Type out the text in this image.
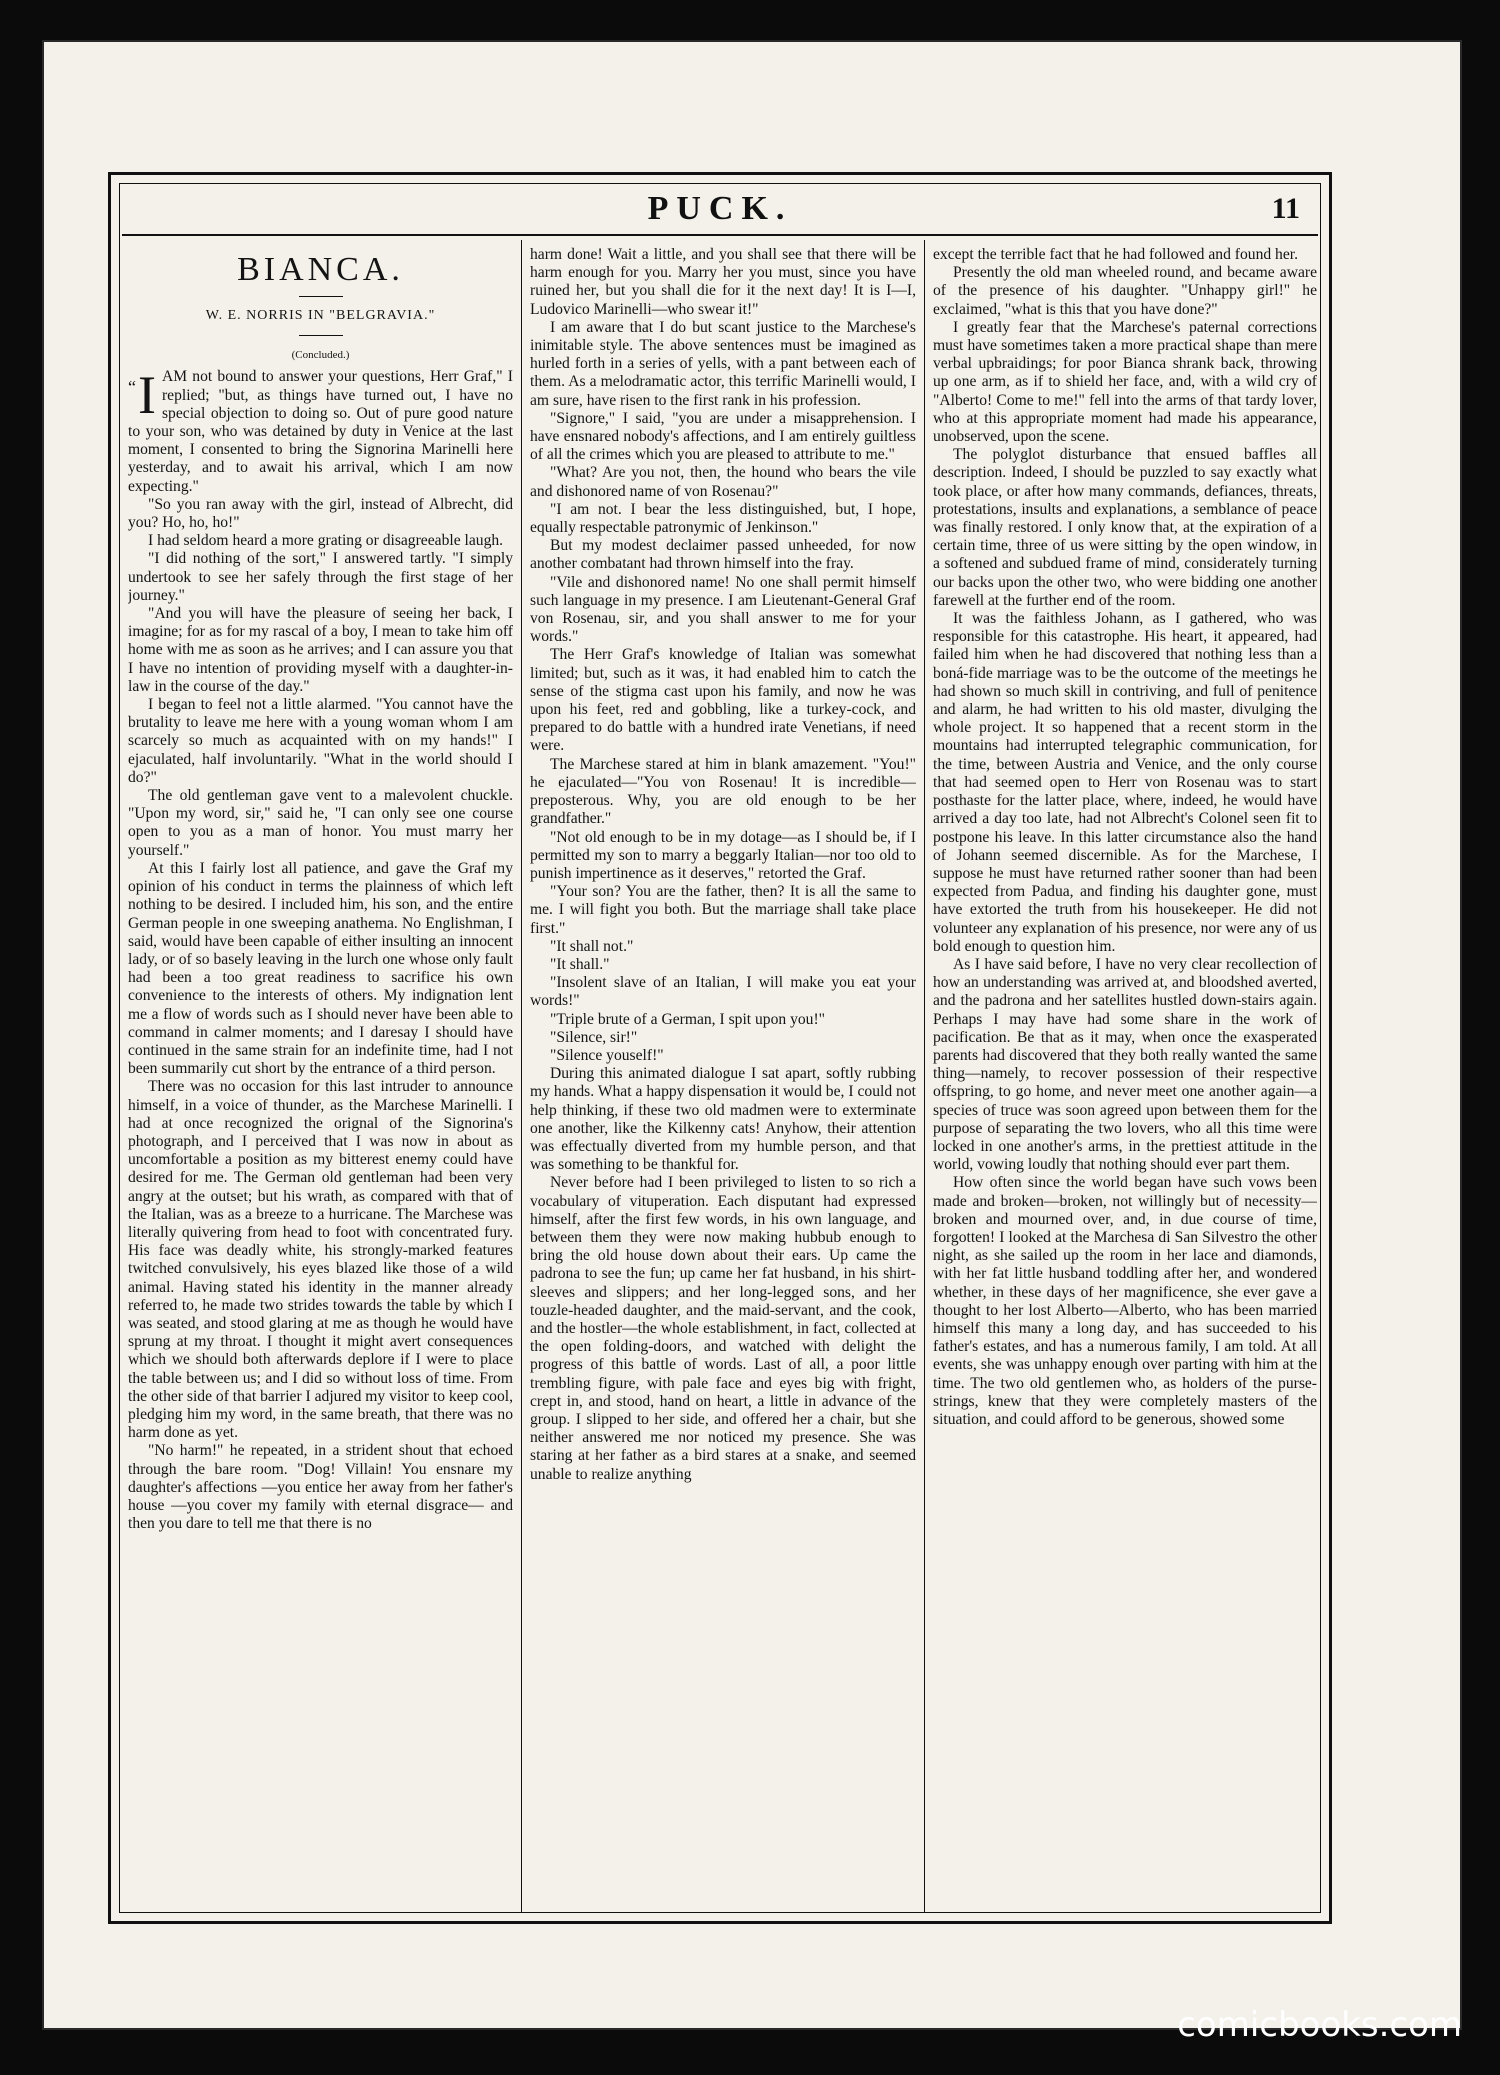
PUCK.	11
BIANCA.
W. E. NORRIS IN "BELGRAVIA."
(Concluded.)
“ I AM not bound to answer your questions, Herr Graf," I replied; "but, as things have turned out, I have no special objection to doing so. Out of pure good nature to your son, who was detained by duty in Venice at the last moment, I consented to bring the Signorina Marinelli here yesterday, and to await his arrival, which I am now expecting."

"So you ran away with the girl, instead of Albrecht, did you? Ho, ho, ho!"

I had seldom heard a more grating or disagreeable laugh.

"I did nothing of the sort," I answered tartly. "I simply undertook to see her safely through the first stage of her journey."

"And you will have the pleasure of seeing her back, I imagine; for as for my rascal of a boy, I mean to take him off home with me as soon as he arrives; and I can assure you that I have no intention of providing myself with a daughter-in-law in the course of the day."

I began to feel not a little alarmed. "You cannot have the brutality to leave me here with a young woman whom I am scarcely so much as acquainted with on my hands!" I ejaculated, half involuntarily. "What in the world should I do?"

The old gentleman gave vent to a malevolent chuckle. "Upon my word, sir," said he, "I can only see one course open to you as a man of honor. You must marry her yourself."

At this I fairly lost all patience, and gave the Graf my opinion of his conduct in terms the plainness of which left nothing to be desired. I included him, his son, and the entire German people in one sweeping anathema. No Englishman, I said, would have been capable of either insulting an innocent lady, or of so basely leaving in the lurch one whose only fault had been a too great readiness to sacrifice his own convenience to the interests of others. My indignation lent me a flow of words such as I should never have been able to command in calmer moments; and I daresay I should have continued in the same strain for an indefinite time, had I not been summarily cut short by the entrance of a third person.

There was no occasion for this last intruder to announce himself, in a voice of thunder, as the Marchese Marinelli. I had at once recognized the orignal of the Signorina's photograph, and I perceived that I was now in about as uncomfortable a position as my bitterest enemy could have desired for me. The German old gentleman had been very angry at the outset; but his wrath, as compared with that of the Italian, was as a breeze to a hurricane. The Marchese was literally quivering from head to foot with concentrated fury. His face was deadly white, his strongly-marked features twitched convulsively, his eyes blazed like those of a wild animal. Having stated his identity in the manner already referred to, he made two strides towards the table by which I was seated, and stood glaring at me as though he would have sprung at my throat. I thought it might avert consequences which we should both afterwards deplore if I were to place the table between us; and I did so without loss of time. From the other side of that barrier I adjured my visitor to keep cool, pledging him my word, in the same breath, that there was no harm done as yet.

"No harm!" he repeated, in a strident shout that echoed through the bare room. "Dog! Villain! You ensnare my daughter's affections —you entice her away from her father's house —you cover my family with eternal disgrace— and then you dare to tell me that there is no

harm done! Wait a little, and you shall see that there will be harm enough for you. Marry her you must, since you have ruined her, but you shall die for it the next day! It is I—I, Ludovico Marinelli—who swear it!"

I am aware that I do but scant justice to the Marchese's inimitable style. The above sentences must be imagined as hurled forth in a series of yells, with a pant between each of them. As a melodramatic actor, this terrific Marinelli would, I am sure, have risen to the first rank in his profession.

"Signore," I said, "you are under a misapprehension. I have ensnared nobody's affections, and I am entirely guiltless of all the crimes which you are pleased to attribute to me."

"What? Are you not, then, the hound who bears the vile and dishonored name of von Rosenau?"

"I am not. I bear the less distinguished, but, I hope, equally respectable patronymic of Jenkinson."

But my modest declaimer passed unheeded, for now another combatant had thrown himself into the fray.

"Vile and dishonored name! No one shall permit himself such language in my presence. I am Lieutenant-General Graf von Rosenau, sir, and you shall answer to me for your words."

The Herr Graf's knowledge of Italian was somewhat limited; but, such as it was, it had enabled him to catch the sense of the stigma cast upon his family, and now he was upon his feet, red and gobbling, like a turkey-cock, and prepared to do battle with a hundred irate Venetians, if need were.

The Marchese stared at him in blank amazement. "You!" he ejaculated—"You von Rosenau! It is incredible—preposterous. Why, you are old enough to be her grandfather."

"Not old enough to be in my dotage—as I should be, if I permitted my son to marry a beggarly Italian—nor too old to punish impertinence as it deserves," retorted the Graf.

"Your son? You are the father, then? It is all the same to me. I will fight you both. But the marriage shall take place first."

"It shall not."

"It shall."

"Insolent slave of an Italian, I will make you eat your words!"

"Triple brute of a German, I spit upon you!"

"Silence, sir!"

"Silence youself!"

During this animated dialogue I sat apart, softly rubbing my hands. What a happy dispensation it would be, I could not help thinking, if these two old madmen were to exterminate one another, like the Kilkenny cats! Anyhow, their attention was effectually diverted from my humble person, and that was something to be thankful for.

Never before had I been privileged to listen to so rich a vocabulary of vituperation. Each disputant had expressed himself, after the first few words, in his own language, and between them they were now making hubbub enough to bring the old house down about their ears. Up came the padrona to see the fun; up came her fat husband, in his shirt-sleeves and slippers; and her long-legged sons, and her touzle-headed daughter, and the maid-servant, and the cook, and the hostler—the whole establishment, in fact, collected at the open folding-doors, and watched with delight the progress of this battle of words. Last of all, a poor little trembling figure, with pale face and eyes big with fright, crept in, and stood, hand on heart, a little in advance of the group. I slipped to her side, and offered her a chair, but she neither answered me nor noticed my presence. She was staring at her father as a bird stares at a snake, and seemed unable to realize anything

except the terrible fact that he had followed and found her.

Presently the old man wheeled round, and became aware of the presence of his daughter. "Unhappy girl!" he exclaimed, "what is this that you have done?"

I greatly fear that the Marchese's paternal corrections must have sometimes taken a more practical shape than mere verbal upbraidings; for poor Bianca shrank back, throwing up one arm, as if to shield her face, and, with a wild cry of "Alberto! Come to me!" fell into the arms of that tardy lover, who at this appropriate moment had made his appearance, unobserved, upon the scene.

The polyglot disturbance that ensued baffles all description. Indeed, I should be puzzled to say exactly what took place, or after how many commands, defiances, threats, protestations, insults and explanations, a semblance of peace was finally restored. I only know that, at the expiration of a certain time, three of us were sitting by the open window, in a softened and subdued frame of mind, considerately turning our backs upon the other two, who were bidding one another farewell at the further end of the room.

It was the faithless Johann, as I gathered, who was responsible for this catastrophe. His heart, it appeared, had failed him when he had discovered that nothing less than a boná-fide marriage was to be the outcome of the meetings he had shown so much skill in contriving, and full of penitence and alarm, he had written to his old master, divulging the whole project. It so happened that a recent storm in the mountains had interrupted telegraphic communication, for the time, between Austria and Venice, and the only course that had seemed open to Herr von Rosenau was to start posthaste for the latter place, where, indeed, he would have arrived a day too late, had not Albrecht's Colonel seen fit to postpone his leave. In this latter circumstance also the hand of Johann seemed discernible. As for the Marchese, I suppose he must have returned rather sooner than had been expected from Padua, and finding his daughter gone, must have extorted the truth from his housekeeper. He did not volunteer any explanation of his presence, nor were any of us bold enough to question him.

As I have said before, I have no very clear recollection of how an understanding was arrived at, and bloodshed averted, and the padrona and her satellites hustled down-stairs again. Perhaps I may have had some share in the work of pacification. Be that as it may, when once the exasperated parents had discovered that they both really wanted the same thing—namely, to recover possession of their respective offspring, to go home, and never meet one another again—a species of truce was soon agreed upon between them for the purpose of separating the two lovers, who all this time were locked in one another's arms, in the prettiest attitude in the world, vowing loudly that nothing should ever part them.

How often since the world began have such vows been made and broken—broken, not willingly but of necessity—broken and mourned over, and, in due course of time, forgotten! I looked at the Marchesa di San Silvestro the other night, as she sailed up the room in her lace and diamonds, with her fat little husband toddling after her, and wondered whether, in these days of her magnificence, she ever gave a thought to her lost Alberto—Alberto, who has been married himself this many a long day, and has succeeded to his father's estates, and has a numerous family, I am told. At all events, she was unhappy enough over parting with him at the time. The two old gentlemen who, as holders of the purse-strings, knew that they were completely masters of the situation, and could afford to be generous, showed some

comicbooks.com
